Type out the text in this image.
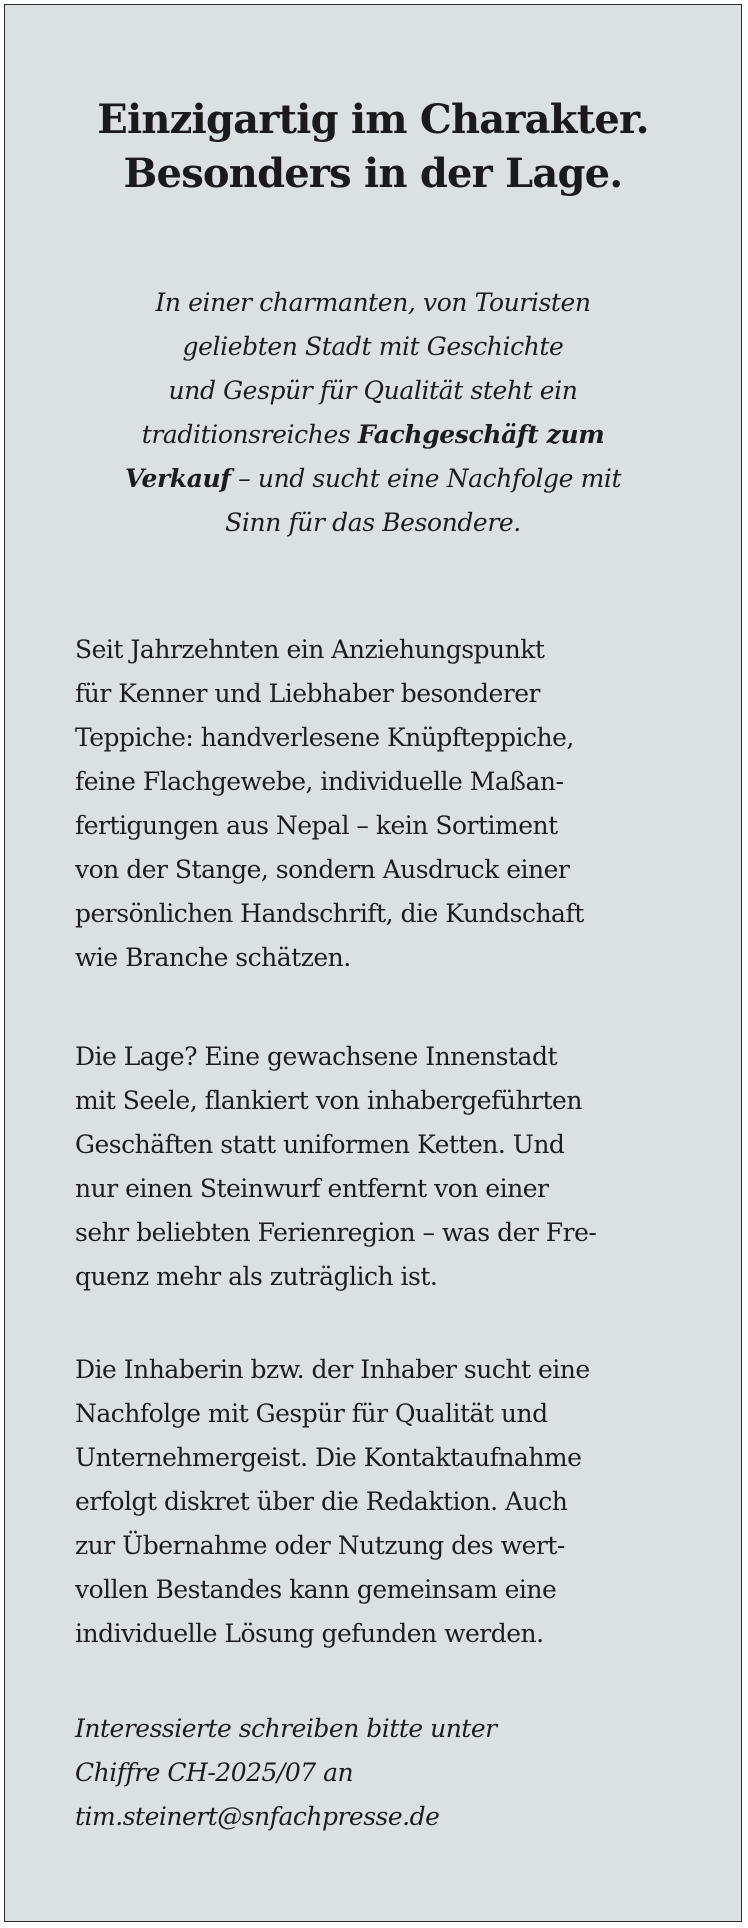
Einzigartig im Charakter.
Besonders in der Lage.

In einer charmanten, von Touristen
geliebten Stadt mit Geschichte
und Gespür für Qualität steht ein
traditionsreiches Fachgeschäft zum
Verkauf – und sucht eine Nachfolge mit
Sinn für das Besondere.

Seit Jahrzehnten ein Anziehungspunkt
für Kenner und Liebhaber besonderer
Teppiche: handverlesene Knüpfteppiche,
feine Flachgewebe, individuelle Maßan-
fertigungen aus Nepal – kein Sortiment
von der Stange, sondern Ausdruck einer
persönlichen Handschrift, die Kundschaft
wie Branche schätzen.

Die Lage? Eine gewachsene Innenstadt
mit Seele, flankiert von inhabergeführten
Geschäften statt uniformen Ketten. Und
nur einen Steinwurf entfernt von einer
sehr beliebten Ferienregion – was der Fre-
quenz mehr als zuträglich ist.

Die Inhaberin bzw. der Inhaber sucht eine
Nachfolge mit Gespür für Qualität und
Unternehmergeist. Die Kontaktaufnahme
erfolgt diskret über die Redaktion. Auch
zur Übernahme oder Nutzung des wert-
vollen Bestandes kann gemeinsam eine
individuelle Lösung gefunden werden.

Interessierte schreiben bitte unter
Chiffre CH-2025/07 an
tim.steinert@snfachpresse.de
